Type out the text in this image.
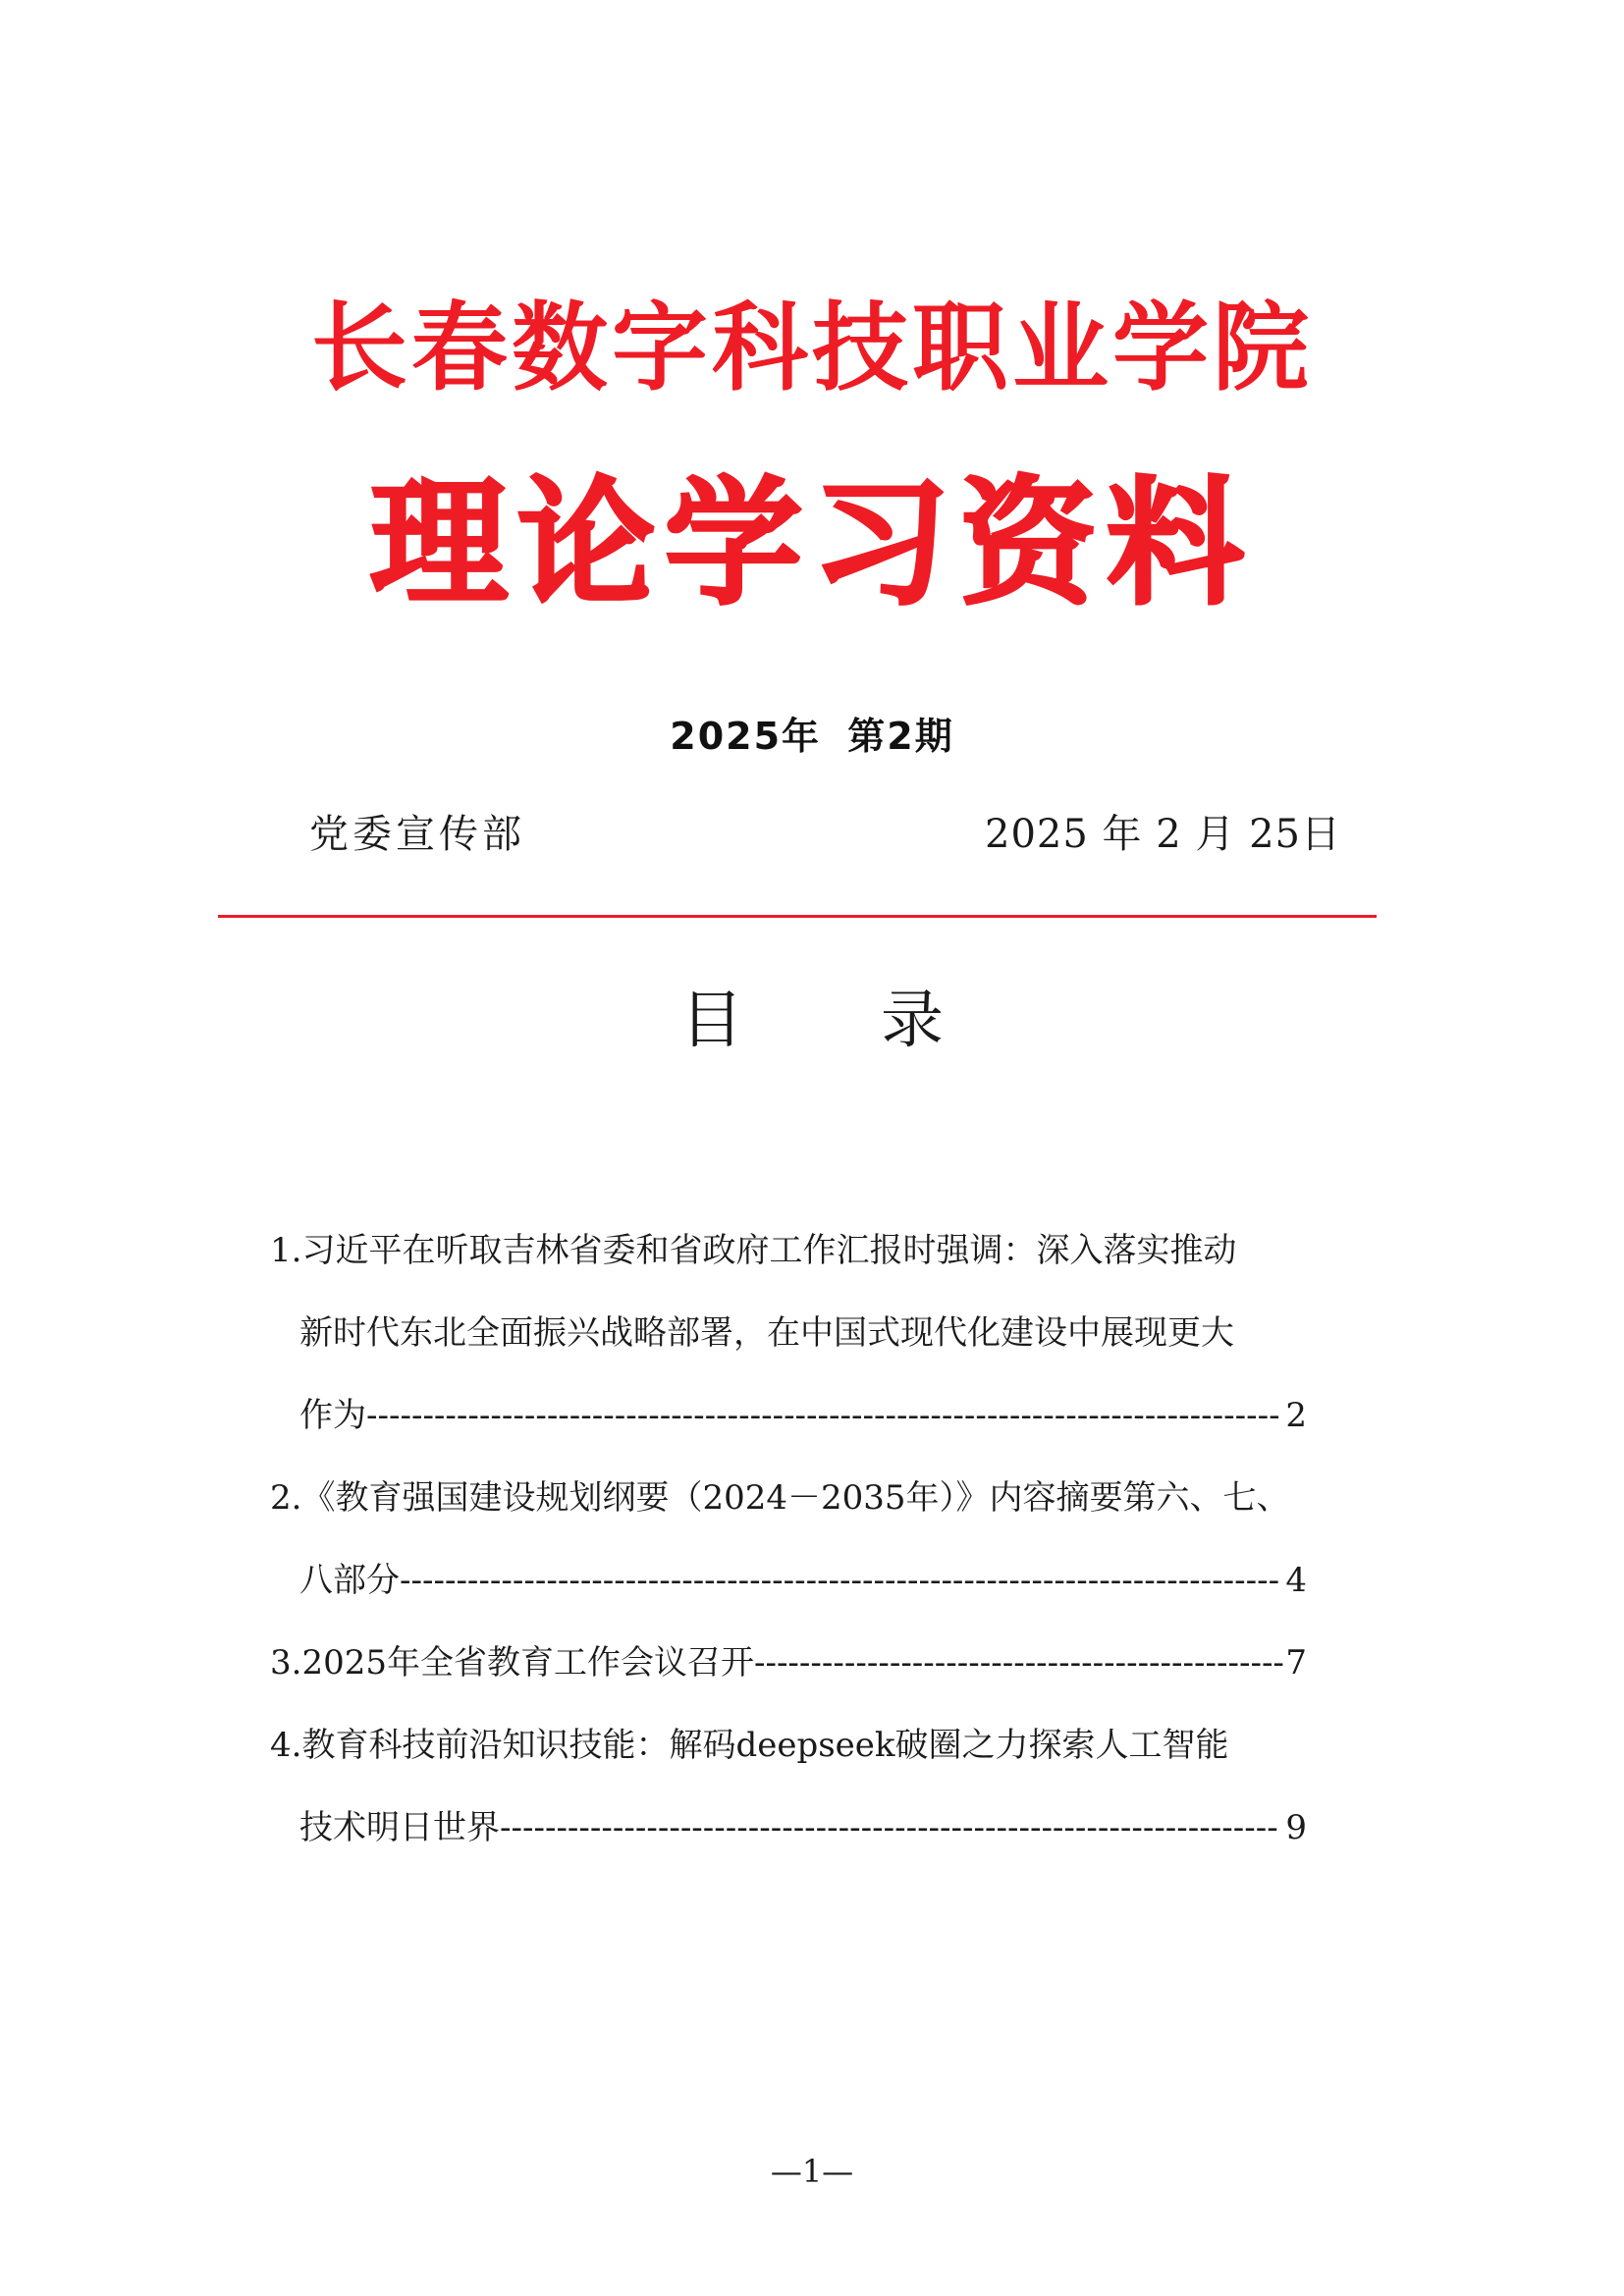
长春数字科技职业学院
理论学习资料
2025年 第2期
党委宣传部	2025 年 2 月 25日
目录
1.习近平在听取吉林省委和省政府工作汇报时强调：深入落实推动
新时代东北全面振兴战略部署，在中国式现代化建设中展现更大
作为--------------------------------------------------------------------------------- 2
2.《教育强国建设规划纲要（2024－2035年）》内容摘要第六、七、
八部分------------------------------------------------------------------------------ 4
3.2025年全省教育工作会议召开-----------------------------------------------7
4.教育科技前沿知识技能：解码deepseek破圈之力探索人工智能
技术明日世界--------------------------------------------------------------------- 9
—1—
